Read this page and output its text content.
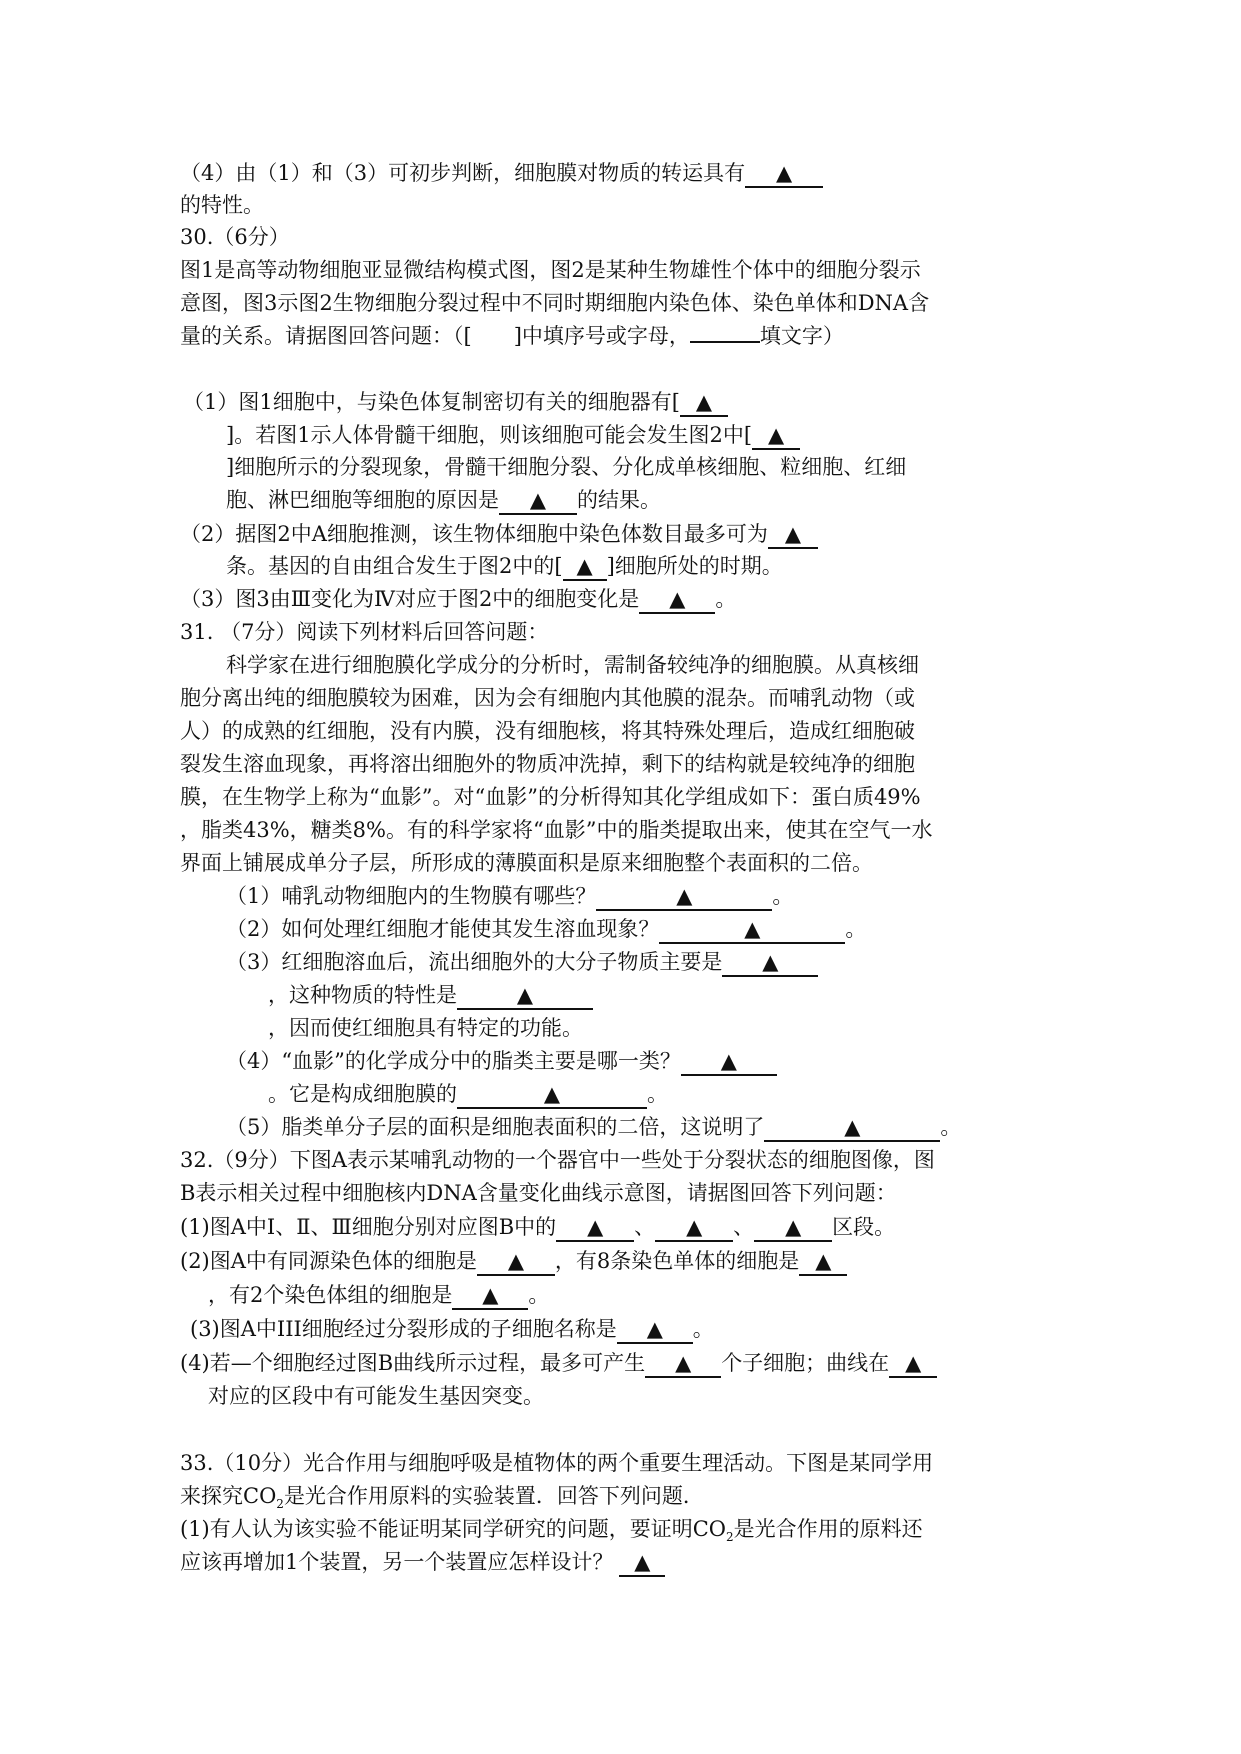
（4）由（1）和（3）可初步判断，细胞膜对物质的转运具有 ▲
的特性。
30.（6分）
图1是高等动物细胞亚显微结构模式图，图2是某种生物雄性个体中的细胞分裂示
意图，图3示图2生物细胞分裂过程中不同时期细胞内染色体、染色单体和DNA含
量的关系。请据图回答问题：（[　　]中填序号或字母，	填文字）
（1）图1细胞中，与染色体复制密切有关的细胞器有[ ▲
]。若图1示人体骨髓干细胞，则该细胞可能会发生图2中[ ▲
]细胞所示的分裂现象，骨髓干细胞分裂、分化成单核细胞、粒细胞、红细
胞、淋巴细胞等细胞的原因是 ▲ 的结果。
（2）据图2中A细胞推测，该生物体细胞中染色体数目最多可为 ▲
条。基因的自由组合发生于图2中的[ ▲ ]细胞所处的时期。
（3）图3由Ⅲ变化为Ⅳ对应于图2中的细胞变化是 ▲ 。
31. （7分）阅读下列材料后回答问题：
科学家在进行细胞膜化学成分的分析时，需制备较纯净的细胞膜。从真核细
胞分离出纯的细胞膜较为困难，因为会有细胞内其他膜的混杂。而哺乳动物（或
人）的成熟的红细胞，没有内膜，没有细胞核，将其特殊处理后，造成红细胞破
裂发生溶血现象，再将溶出细胞外的物质冲洗掉，剩下的结构就是较纯净的细胞
膜，在生物学上称为“血影”。对“血影”的分析得知其化学组成如下：蛋白质49%
，脂类43%，糖类8%。有的科学家将“血影”中的脂类提取出来，使其在空气一水
界面上铺展成单分子层，所形成的薄膜面积是原来细胞整个表面积的二倍。
（1）哺乳动物细胞内的生物膜有哪些？	▲	。
（2）如何处理红细胞才能使其发生溶血现象？	▲	。
（3）红细胞溶血后，流出细胞外的大分子物质主要是 ▲
，这种物质的特性是	▲
，因而使红细胞具有特定的功能。
（4）“血影”的化学成分中的脂类主要是哪一类？ ▲
。它是构成细胞膜的	▲	。
（5）脂类单分子层的面积是细胞表面积的二倍，这说明了	▲	。
32.（9分）下图A表示某哺乳动物的一个器官中一些处于分裂状态的细胞图像，图
B表示相关过程中细胞核内DNA含量变化曲线示意图，请据图回答下列问题：
(1)图A中Ⅰ、Ⅱ、Ⅲ细胞分别对应图B中的 ▲ 、 ▲ 、 ▲ 区段。
(2)图A中有同源染色体的细胞是 ▲ ，有8条染色单体的细胞是 ▲
，有2个染色体组的细胞是 ▲ 。
(3)图A中III细胞经过分裂形成的子细胞名称是 ▲ 。
(4)若—个细胞经过图B曲线所示过程，最多可产生 ▲ 个子细胞；曲线在 ▲
对应的区段中有可能发生基因突变。
33.（10分）光合作用与细胞呼吸是植物体的两个重要生理活动。下图是某同学用
来探究$CO_2$是光合作用原料的实验装置．回答下列问题．
(1)有人认为该实验不能证明某同学研究的问题，要证明$CO_2$是光合作用的原料还
应该再增加1个装置，另一个装置应怎样设计？ ▲
